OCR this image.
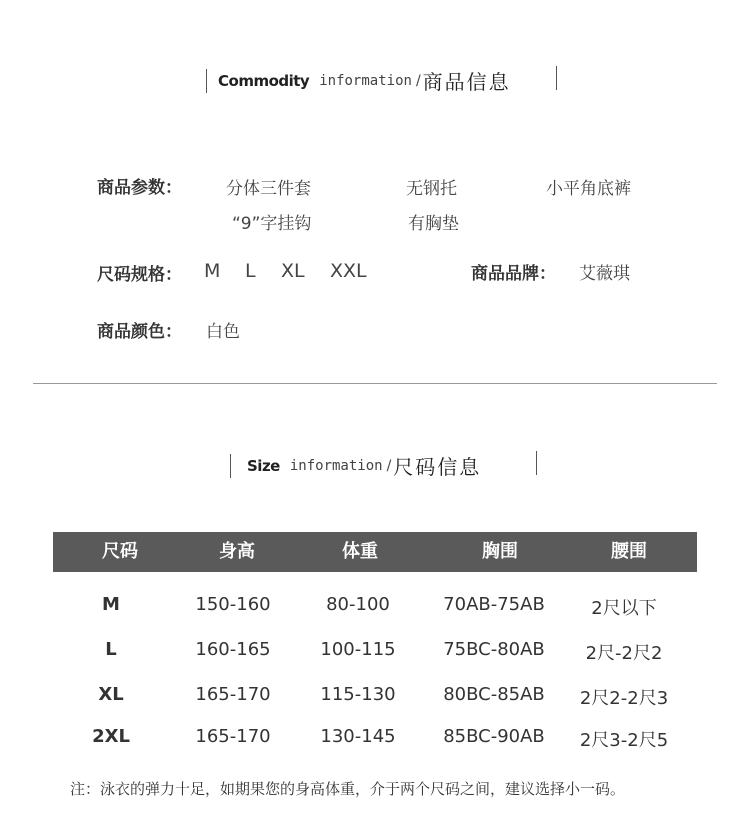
Commodity information / 商品信息
商品参数：	分体三件套	无钢托	小平角底裤
“9”字挂钩	有胸垫
尺码规格： M L XL XXL	商品品牌： 艾薇琪
商品颜色： 白色
Size information / 尺码信息
尺码	身高	体重	胸围	腰围
M	150-160	80-100	70AB-75AB	2尺以下
L	160-165	100-115	75BC-80AB	2尺-2尺2
XL	165-170	115-130	80BC-85AB	2尺2-2尺3
2XL	165-170	130-145	85BC-90AB	2尺3-2尺5
注：泳衣的弹力十足，如期果您的身高体重，介于两个尺码之间，建议选择小一码。
